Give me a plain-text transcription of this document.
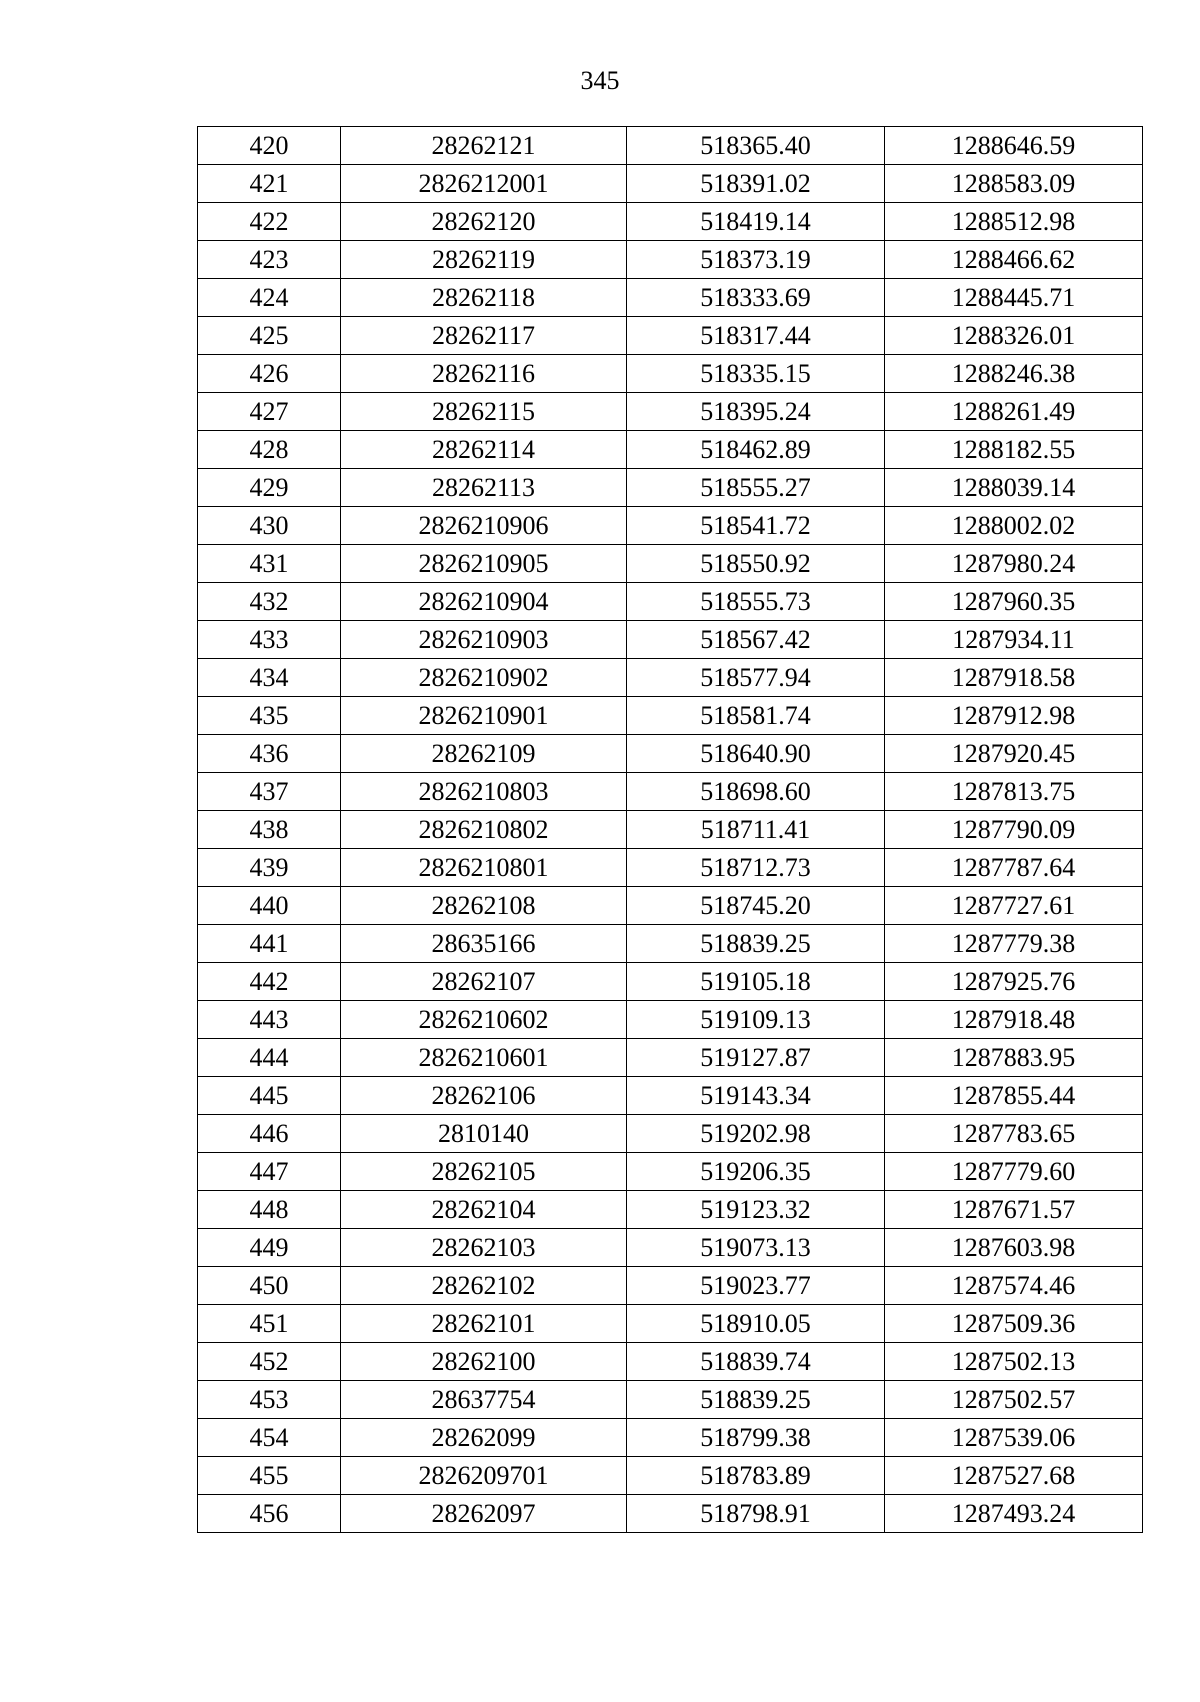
345
420	28262121	518365.40	1288646.59
421	2826212001	518391.02	1288583.09
422	28262120	518419.14	1288512.98
423	28262119	518373.19	1288466.62
424	28262118	518333.69	1288445.71
425	28262117	518317.44	1288326.01
426	28262116	518335.15	1288246.38
427	28262115	518395.24	1288261.49
428	28262114	518462.89	1288182.55
429	28262113	518555.27	1288039.14
430	2826210906	518541.72	1288002.02
431	2826210905	518550.92	1287980.24
432	2826210904	518555.73	1287960.35
433	2826210903	518567.42	1287934.11
434	2826210902	518577.94	1287918.58
435	2826210901	518581.74	1287912.98
436	28262109	518640.90	1287920.45
437	2826210803	518698.60	1287813.75
438	2826210802	518711.41	1287790.09
439	2826210801	518712.73	1287787.64
440	28262108	518745.20	1287727.61
441	28635166	518839.25	1287779.38
442	28262107	519105.18	1287925.76
443	2826210602	519109.13	1287918.48
444	2826210601	519127.87	1287883.95
445	28262106	519143.34	1287855.44
446	2810140	519202.98	1287783.65
447	28262105	519206.35	1287779.60
448	28262104	519123.32	1287671.57
449	28262103	519073.13	1287603.98
450	28262102	519023.77	1287574.46
451	28262101	518910.05	1287509.36
452	28262100	518839.74	1287502.13
453	28637754	518839.25	1287502.57
454	28262099	518799.38	1287539.06
455	2826209701	518783.89	1287527.68
456	28262097	518798.91	1287493.24
